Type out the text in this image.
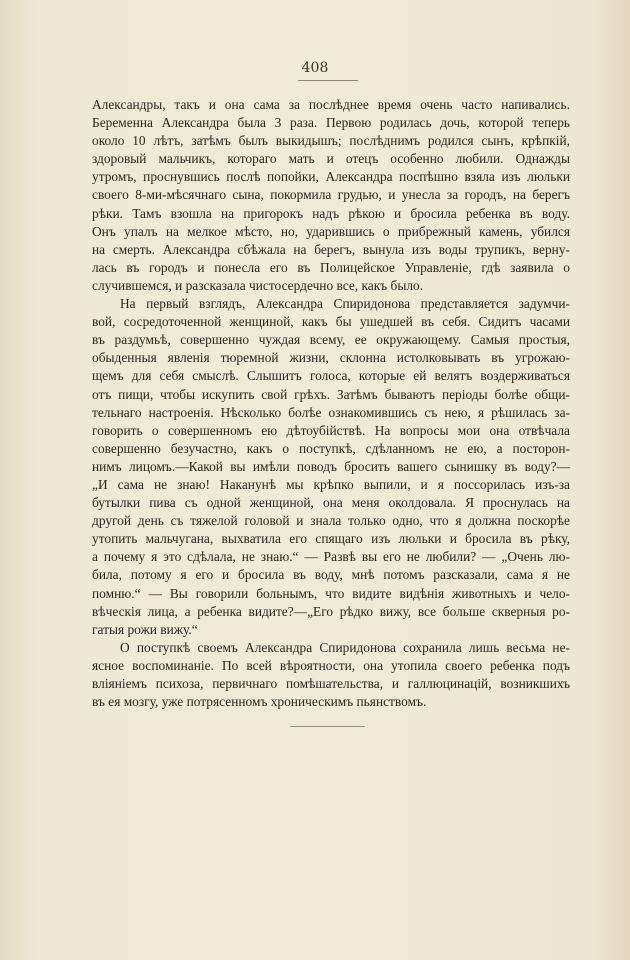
408
Александры, такъ и она сама за послѣднее время очень часто напивались.
Беременна Александра была 3 раза. Первою родилась дочь, которой теперь
около 10 лѣтъ, затѣмъ былъ выкидышъ; послѣднимъ родился сынъ, крѣпкій,
здоровый мальчикъ, котораго мать и отецъ особенно любили. Однажды
утромъ, проснувшись послѣ попойки, Александра поспѣшно взяла изъ люльки
своего 8-ми-мѣсячнаго сына, покормила грудью, и унесла за городъ, на берегъ
рѣки. Тамъ взошла на пригорокъ надъ рѣкою и бросила ребенка въ воду.
Онъ упалъ на мелкое мѣсто, но, ударившись о прибрежный камень, убился
на смерть. Александра сбѣжала на берегъ, вынула изъ воды трупикъ, верну-
лась въ городъ и понесла его въ Полицейское Управленіе, гдѣ заявила о
случившемся, и разсказала чистосердечно все, какъ было.
На первый взглядъ, Александра Спиридонова представляется задумчи-
вой, сосредоточенной женщиной, какъ бы ушедшей въ себя. Сидитъ часами
въ раздумьѣ, совершенно чуждая всему, ее окружающему. Самыя простыя,
обыденныя явленія тюремной жизни, склонна истолковывать въ угрожаю-
щемъ для себя смыслѣ. Слышитъ голоса, которые ей велятъ воздерживаться
отъ пищи, чтобы искупить свой грѣхъ. Затѣмъ бываютъ періоды болѣе общи-
тельнаго настроенія. Нѣсколько болѣе ознакомившись съ нею, я рѣшилась за-
говорить о совершенномъ ею дѣтоубійствѣ. На вопросы мои она отвѣчала
совершенно безучастно, какъ о поступкѣ, сдѣланномъ не ею, а посторон-
нимъ лицомъ.—Какой вы имѣли поводъ бросить вашего сынишку въ воду?—
„И сама не знаю! Наканунѣ мы крѣпко выпили, и я поссорилась изъ-за
бутылки пива съ одной женщиной, она меня околдовала. Я проснулась на
другой день съ тяжелой головой и знала только одно, что я должна поскорѣе
утопить мальчугана, выхватила его спящаго изъ люльки и бросила въ рѣку,
а почему я это сдѣлала, не знаю.“ — Развѣ вы его не любили? — „Очень лю-
била, потому я его и бросила въ воду, мнѣ потомъ разсказали, сама я не
помню.“ — Вы говорили больнымъ, что видите видѣнія животныхъ и чело-
вѣческія лица, а ребенка видите?—„Его рѣдко вижу, все больше скверныя ро-
гатыя рожи вижу.“
О поступкѣ своемъ Александра Спиридонова сохранила лишь весьма не-
ясное воспоминаніе. По всей вѣроятности, она утопила своего ребенка подъ
вліяніемъ психоза, первичнаго помѣшательства, и галлюцинацій, возникшихъ
въ ея мозгу, уже потрясенномъ хроническимъ пьянствомъ.
